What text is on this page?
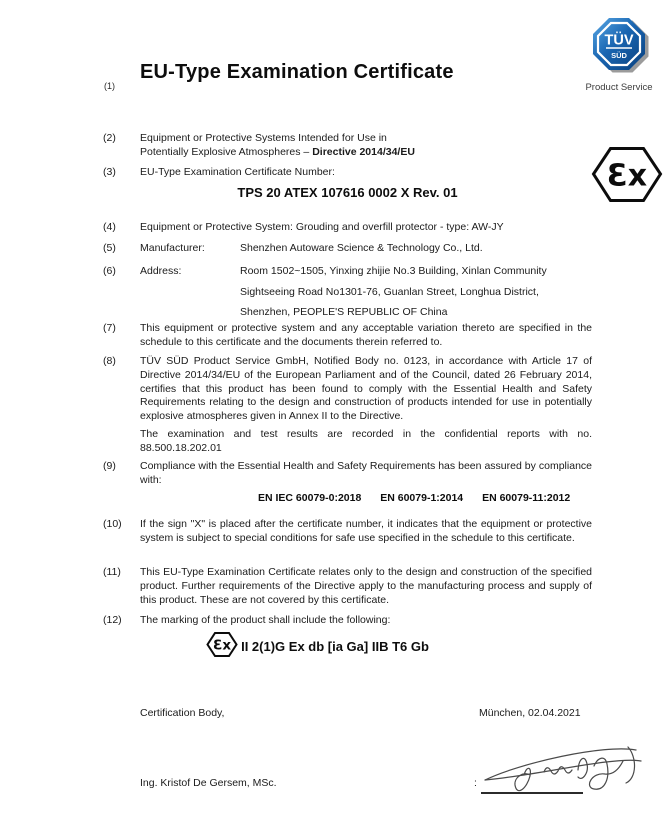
TÜV
SÜD
Product Service
(1)
EU-Type Examination Certificate
Ɛx
(2)	Equipment or Protective Systems Intended for Use in
Potentially Explosive Atmospheres – Directive 2014/34/EU
(3)	EU-Type Examination Certificate Number:
TPS 20 ATEX 107616 0002 X Rev. 01
(4)	Equipment or Protective System: Grouding and overfill protector - type: AW-JY
(5)	Manufacturer:	Shenzhen Autoware Science & Technology Co., Ltd.
(6)	Address:	Room 1502~1505, Yinxing zhijie No.3 Building, Xinlan Community
Sightseeing Road No1301-76, Guanlan Street, Longhua District,
Shenzhen, PEOPLE'S REPUBLIC OF China
(7)	This equipment or protective system and any acceptable variation thereto are specified in the schedule to this certificate and the documents therein referred to.
(8)	TÜV SÜD Product Service GmbH, Notified Body no. 0123, in accordance with Article 17 of Directive 2014/34/EU of the European Parliament and of the Council, dated 26 February 2014, certifies that this product has been found to comply with the Essential Health and Safety Requirements relating to the design and construction of products intended for use in potentially explosive atmospheres given in Annex II to the Directive.
The examination and test results are recorded in the confidential reports with no. 88.500.18.202.01
(9)	Compliance with the Essential Health and Safety Requirements has been assured by compliance with:
EN IEC 60079-0:2018 EN 60079-1:2014 EN 60079-11:2012
(10)	If the sign "X" is placed after the certificate number, it indicates that the equipment or protective system is subject to special conditions for safe use specified in the schedule to this certificate.
(11)	This EU-Type Examination Certificate relates only to the design and construction of the specified product. Further requirements of the Directive apply to the manufacturing process and supply of this product. These are not covered by this certificate.
(12)	The marking of the product shall include the following:
Ɛx II 2(1)G Ex db [ia Ga] IIB T6 Gb
Certification Body,	München, 02.04.2021
Ing. Kristof De Gersem, MSc.	:
